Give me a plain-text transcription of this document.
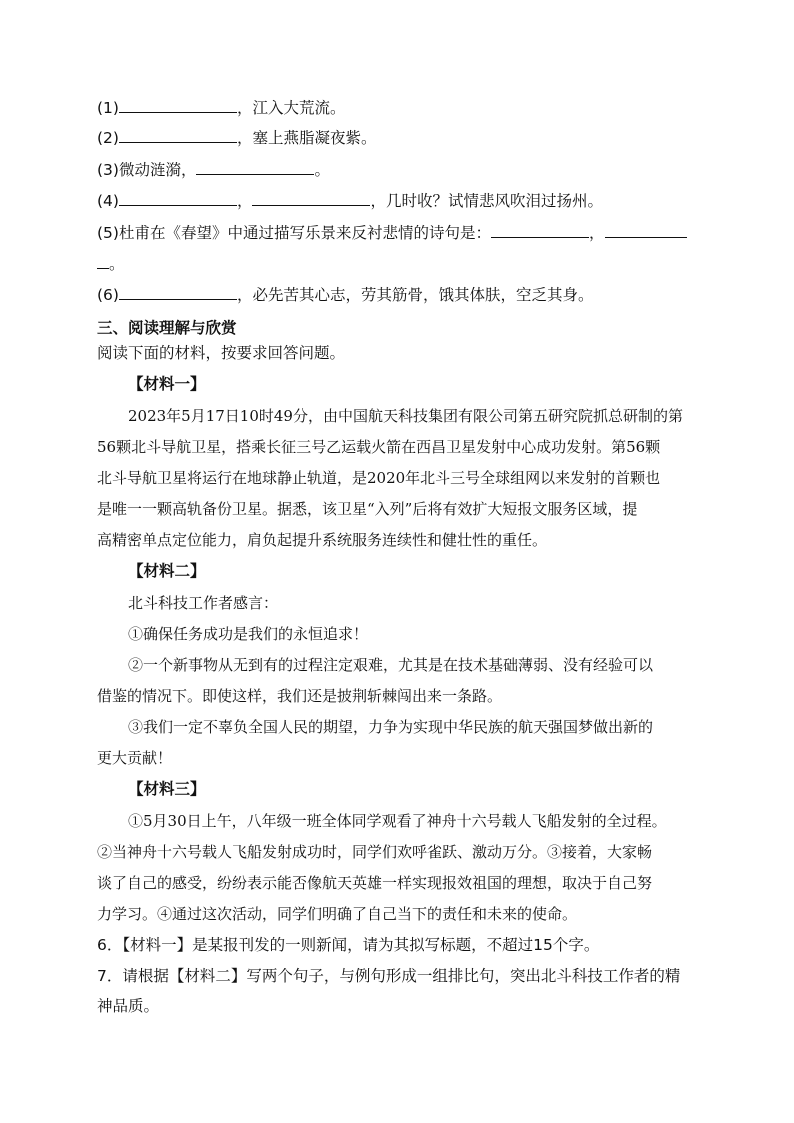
(1)	，江入大荒流。
(2)	，塞上燕脂凝夜紫。
(3)微动涟漪，	。
(4)	，	，几时收？试情悲风吹泪过扬州。
(5)杜甫在《春望》中通过描写乐景来反衬悲情的诗句是：	，
。
(6)	，必先苦其心志，劳其筋骨，饿其体肤，空乏其身。
三、阅读理解与欣赏
阅读下面的材料，按要求回答问题。
【材料一】
2023年5月17日10时49分，由中国航天科技集团有限公司第五研究院抓总研制的第
56颗北斗导航卫星，搭乘长征三号乙运载火箭在西昌卫星发射中心成功发射。第56颗
北斗导航卫星将运行在地球静止轨道，是2020年北斗三号全球组网以来发射的首颗也
是唯一一颗高轨备份卫星。据悉，该卫星“入列”后将有效扩大短报文服务区域，提
高精密单点定位能力，肩负起提升系统服务连续性和健壮性的重任。
【材料二】
北斗科技工作者感言：
①确保任务成功是我们的永恒追求！
②一个新事物从无到有的过程注定艰难，尤其是在技术基础薄弱、没有经验可以
借鉴的情况下。即使这样，我们还是披荆斩棘闯出来一条路。
③我们一定不辜负全国人民的期望，力争为实现中华民族的航天强国梦做出新的
更大贡献！
【材料三】
①5月30日上午，八年级一班全体同学观看了神舟十六号载人飞船发射的全过程。
②当神舟十六号载人飞船发射成功时，同学们欢呼雀跃、激动万分。③接着，大家畅
谈了自己的感受，纷纷表示能否像航天英雄一样实现报效祖国的理想，取决于自己努
力学习。④通过这次活动，同学们明确了自己当下的责任和未来的使命。
6．【材料一】是某报刊发的一则新闻，请为其拟写标题，不超过15个字。
7．请根据【材料二】写两个句子，与例句形成一组排比句，突出北斗科技工作者的精
神品质。
